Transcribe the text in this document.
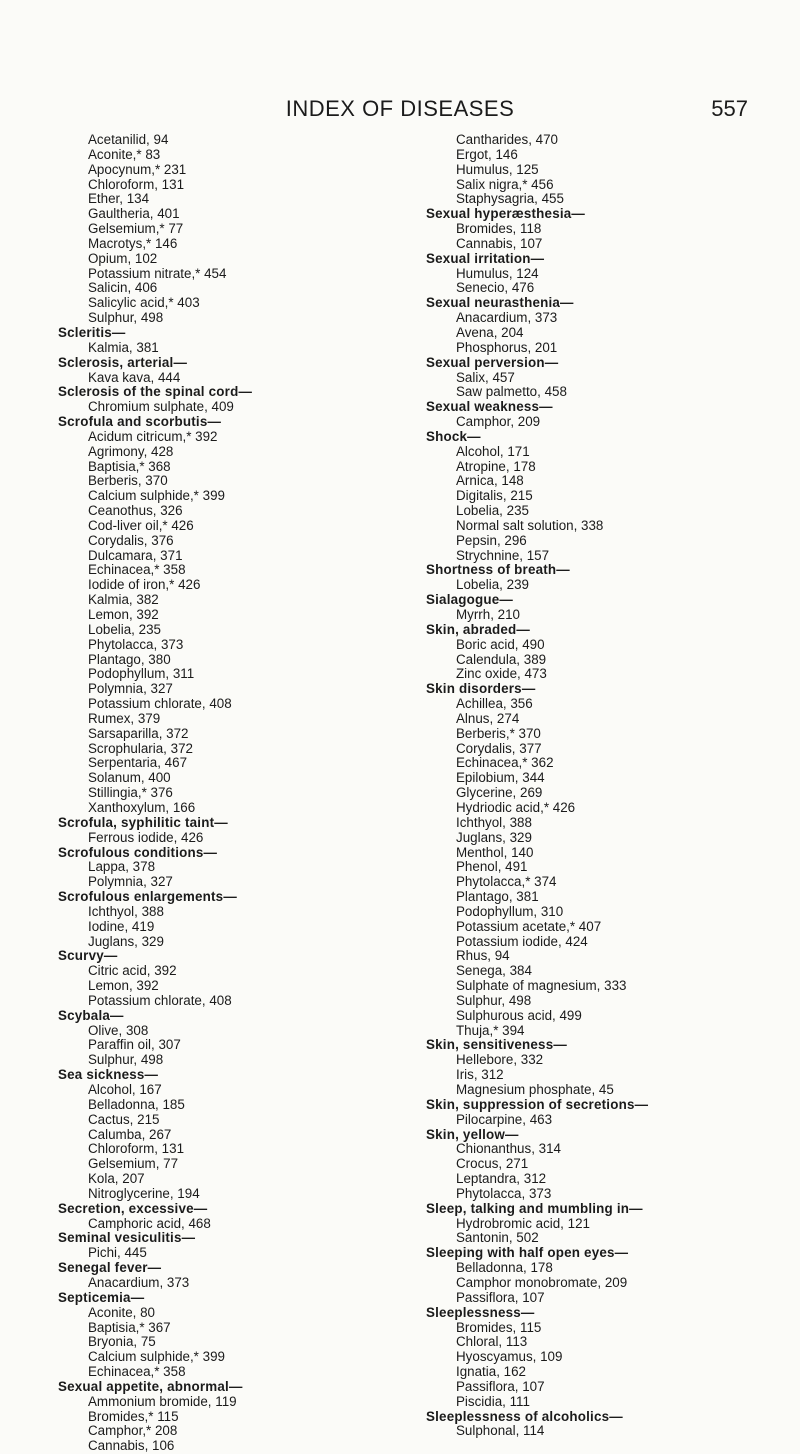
INDEX OF DISEASES	557
Acetanilid, 94
Aconite,* 83
Apocynum,* 231
Chloroform, 131
Ether, 134
Gaultheria, 401
Gelsemium,* 77
Macrotys,* 146
Opium, 102
Potassium nitrate,* 454
Salicin, 406
Salicylic acid,* 403
Sulphur, 498
Scleritis—
Kalmia, 381
Sclerosis, arterial—
Kava kava, 444
Sclerosis of the spinal cord—
Chromium sulphate, 409
Scrofula and scorbutis—
Acidum citricum,* 392
Agrimony, 428
Baptisia,* 368
Berberis, 370
Calcium sulphide,* 399
Ceanothus, 326
Cod-liver oil,* 426
Corydalis, 376
Dulcamara, 371
Echinacea,* 358
Iodide of iron,* 426
Kalmia, 382
Lemon, 392
Lobelia, 235
Phytolacca, 373
Plantago, 380
Podophyllum, 311
Polymnia, 327
Potassium chlorate, 408
Rumex, 379
Sarsaparilla, 372
Scrophularia, 372
Serpentaria, 467
Solanum, 400
Stillingia,* 376
Xanthoxylum, 166
Scrofula, syphilitic taint—
Ferrous iodide, 426
Scrofulous conditions—
Lappa, 378
Polymnia, 327
Scrofulous enlargements—
Ichthyol, 388
Iodine, 419
Juglans, 329
Scurvy—
Citric acid, 392
Lemon, 392
Potassium chlorate, 408
Scybala—
Olive, 308
Paraffin oil, 307
Sulphur, 498
Sea sickness—
Alcohol, 167
Belladonna, 185
Cactus, 215
Calumba, 267
Chloroform, 131
Gelsemium, 77
Kola, 207
Nitroglycerine, 194
Secretion, excessive—
Camphoric acid, 468
Seminal vesiculitis—
Pichi, 445
Senegal fever—
Anacardium, 373
Septicemia—
Aconite, 80
Baptisia,* 367
Bryonia, 75
Calcium sulphide,* 399
Echinacea,* 358
Sexual appetite, abnormal—
Ammonium bromide, 119
Bromides,* 115
Camphor,* 208
Cannabis, 106
Cantharides, 470
Ergot, 146
Humulus, 125
Salix nigra,* 456
Staphysagria, 455
Sexual hyperæsthesia—
Bromides, 118
Cannabis, 107
Sexual irritation—
Humulus, 124
Senecio, 476
Sexual neurasthenia—
Anacardium, 373
Avena, 204
Phosphorus, 201
Sexual perversion—
Salix, 457
Saw palmetto, 458
Sexual weakness—
Camphor, 209
Shock—
Alcohol, 171
Atropine, 178
Arnica, 148
Digitalis, 215
Lobelia, 235
Normal salt solution, 338
Pepsin, 296
Strychnine, 157
Shortness of breath—
Lobelia, 239
Sialagogue—
Myrrh, 210
Skin, abraded—
Boric acid, 490
Calendula, 389
Zinc oxide, 473
Skin disorders—
Achillea, 356
Alnus, 274
Berberis,* 370
Corydalis, 377
Echinacea,* 362
Epilobium, 344
Glycerine, 269
Hydriodic acid,* 426
Ichthyol, 388
Juglans, 329
Menthol, 140
Phenol, 491
Phytolacca,* 374
Plantago, 381
Podophyllum, 310
Potassium acetate,* 407
Potassium iodide, 424
Rhus, 94
Senega, 384
Sulphate of magnesium, 333
Sulphur, 498
Sulphurous acid, 499
Thuja,* 394
Skin, sensitiveness—
Hellebore, 332
Iris, 312
Magnesium phosphate, 45
Skin, suppression of secretions—
Pilocarpine, 463
Skin, yellow—
Chionanthus, 314
Crocus, 271
Leptandra, 312
Phytolacca, 373
Sleep, talking and mumbling in—
Hydrobromic acid, 121
Santonin, 502
Sleeping with half open eyes—
Belladonna, 178
Camphor monobromate, 209
Passiflora, 107
Sleeplessness—
Bromides, 115
Chloral, 113
Hyoscyamus, 109
Ignatia, 162
Passiflora, 107
Piscidia, 111
Sleeplessness of alcoholics—
Sulphonal, 114
